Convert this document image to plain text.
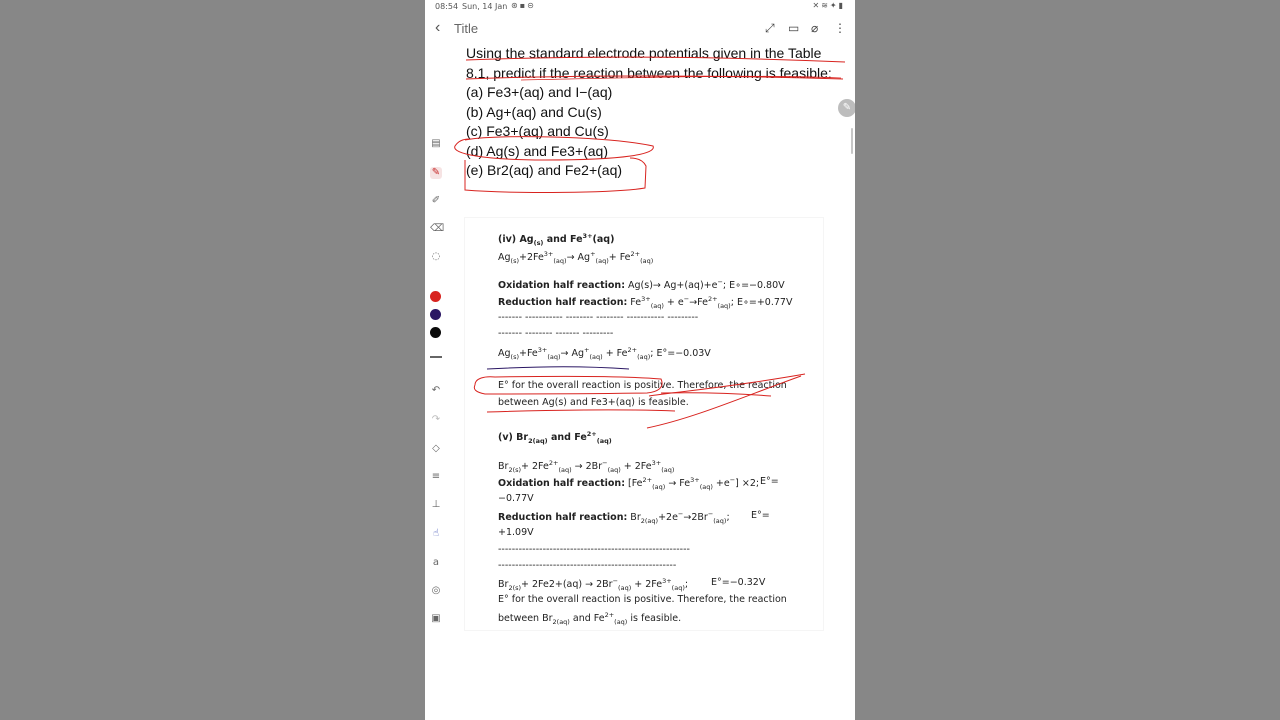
08:54 Sun, 14 Jan ⊛▪⊝	✕≋✦▮
‹ Title	⤢ ▭ ⌀ ⋮
▤
✎
✐
⌫
◌
↶
↷
◇
≡
⊥
☝
a
◎
▣
Using the standard electrode potentials given in the Table
8.1, predict if the reaction between the following is feasible:
(a) Fe3+(aq) and I−(aq)
(b) Ag+(aq) and Cu(s)
(c) Fe3+(aq) and Cu(s)
(d) Ag(s) and Fe3+(aq)
(e) Br2(aq) and Fe2+(aq)
✎
(iv) $Ag_{(s)}$ and $Fe^{3+}(aq)$
$Ag_{(s)}+2Fe^{3+}_{(aq)}\to Ag^+_{(aq)}+ Fe^{2+}_{(aq)}$
Oxidation half reaction: Ag(s)→ Ag+(aq)+e−; E∘=−0.80V
Reduction half reaction: $Fe^{3+}_{(aq)} + e^-\to Fe^{2+}_{(aq)}$; E∘=+0.77V
------- ----------- -------- -------- ----------- ---------
------- -------- ------- ---------
$Ag_{(s)}+Fe^{3+}_{(aq)}\to Ag^+_{(aq)} + Fe^{2+}_{(aq)}$; E°=−0.03V
E° for the overall reaction is positive. Therefore, the reaction
between Ag(s) and Fe3+(aq) is feasible.
(v) $Br_{2(aq)}$ and $Fe^{2+}_{(aq)}$
$Br_{2(s)}+ 2Fe^{2+}_{(aq)} \to 2Br^-_{(aq)} + 2Fe^{3+}_{(aq)}$
Oxidation half reaction: $[Fe^{2+}_{(aq)} \to Fe^{3+}_{(aq)} +e^-] \times 2$; E°=
−0.77V
Reduction half reaction: $Br_{2(aq)}+2e^-\to 2Br^-_{(aq)}$; E°=
+1.09V
--------------------------------------------------------
----------------------------------------------------
$Br_{2(s)}+ 2Fe2+(aq) \to 2Br^-_{(aq)} + 2Fe^{3+}_{(aq)}$; E°=−0.32V
E° for the overall reaction is positive. Therefore, the reaction
between $Br_{2(aq)}$ and $Fe^{2+}_{(aq)}$ is feasible.
